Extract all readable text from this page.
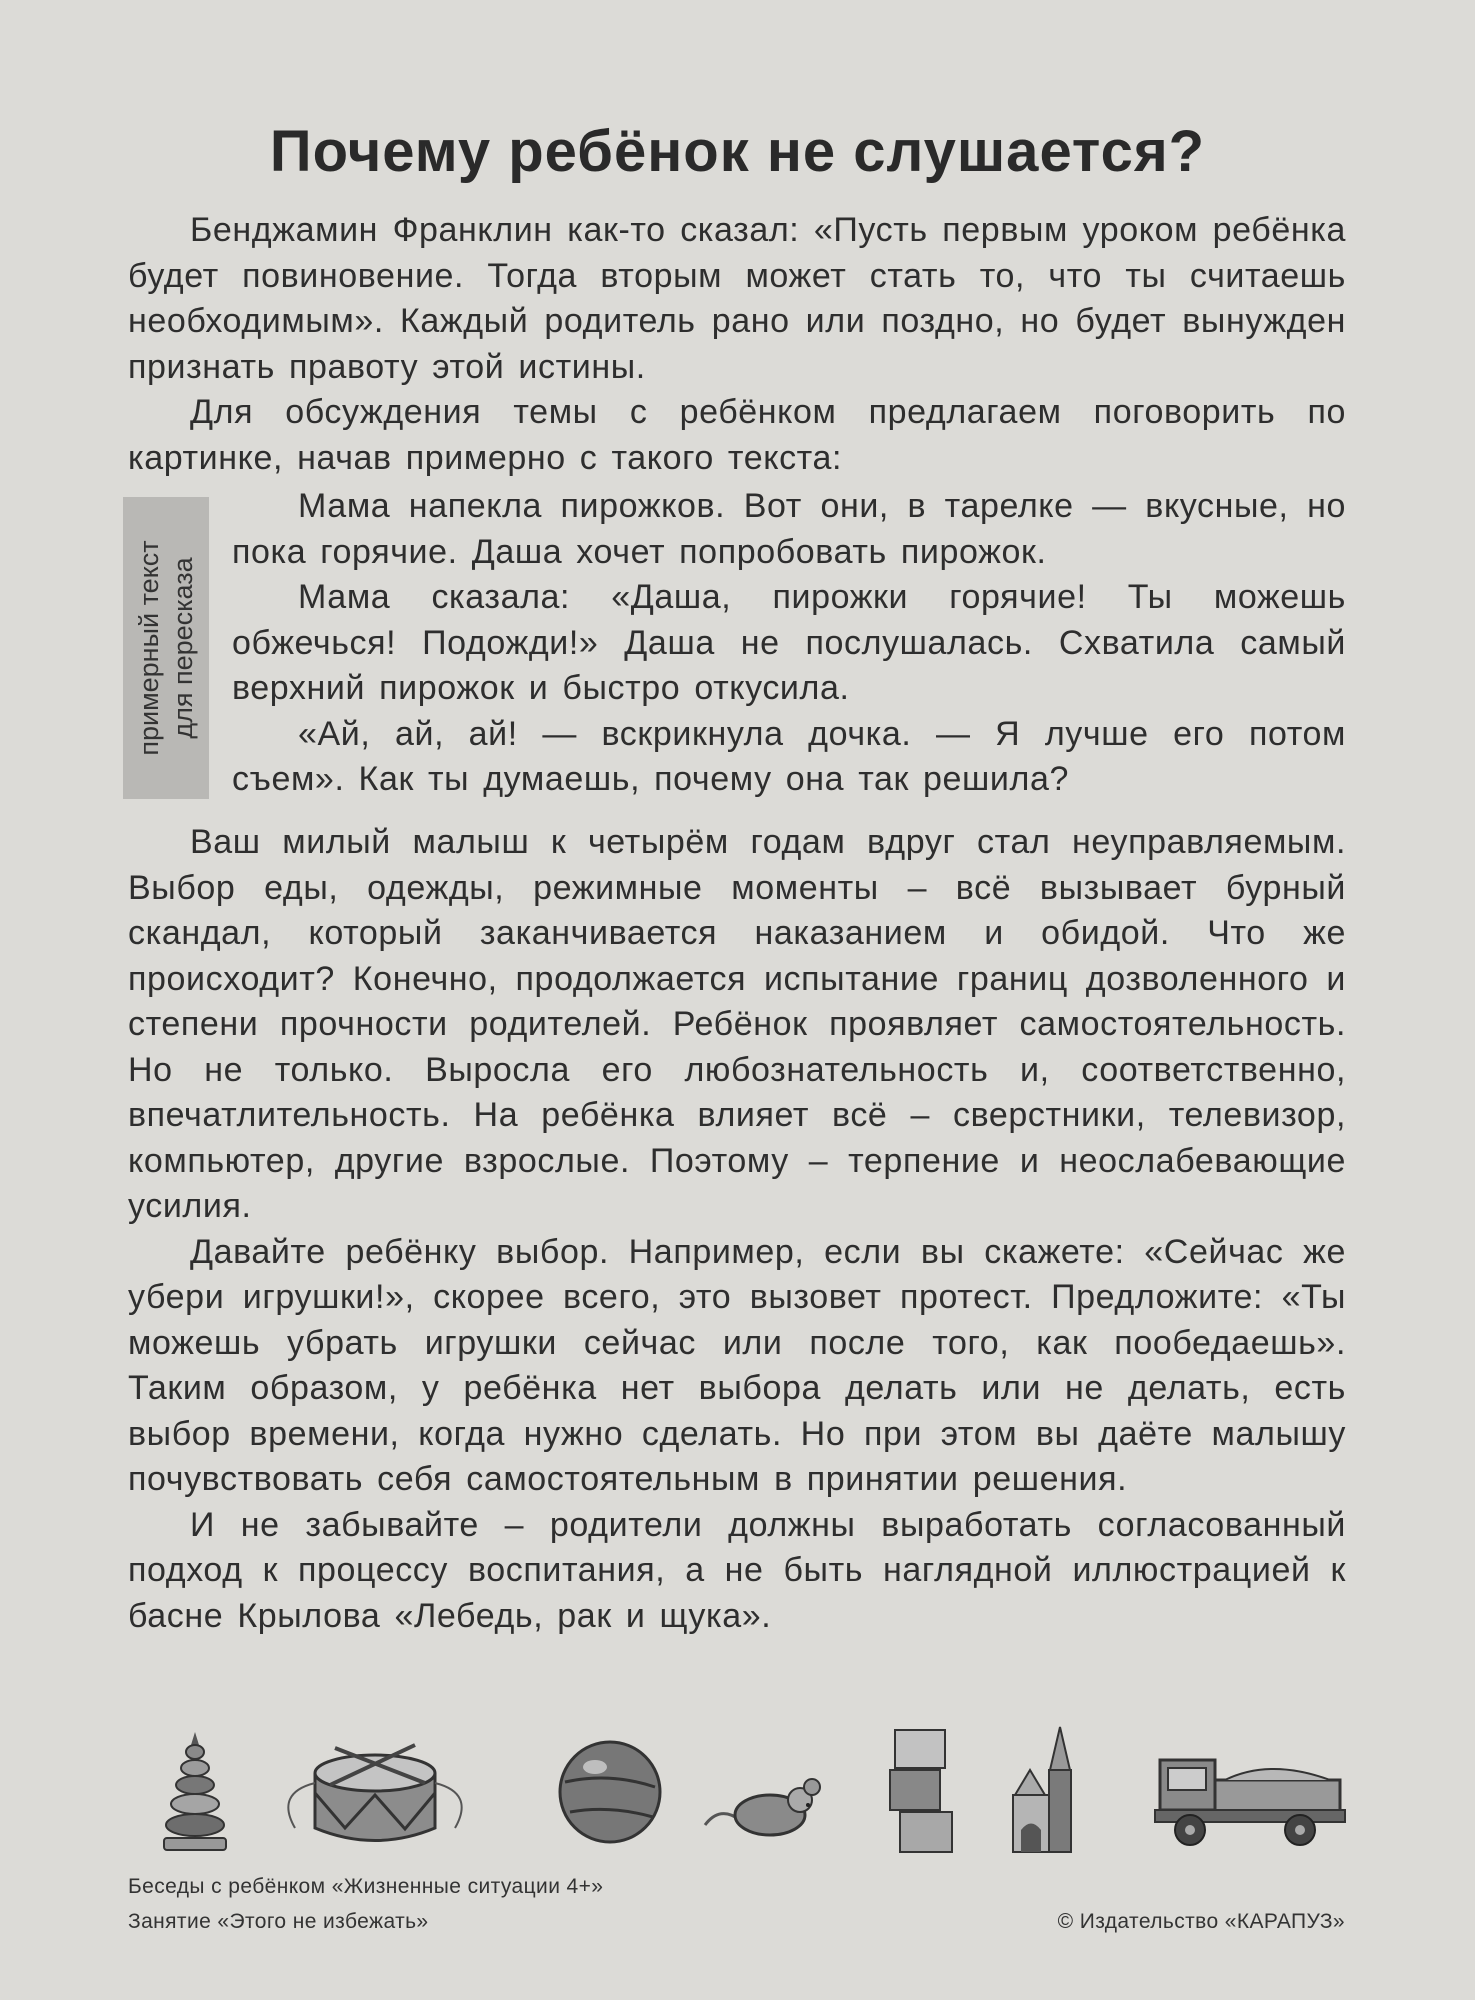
Почему ребёнок не слушается?

Бенджамин Франклин как-то сказал: «Пусть первым уроком ребёнка будет повиновение. Тогда вторым может стать то, что ты считаешь необходимым». Каждый родитель рано или поздно, но будет вынужден признать правоту этой истины.

Для обсуждения темы с ребёнком предлагаем поговорить по картинке, начав примерно с такого текста:

примерный текст для пересказа

Мама напекла пирожков. Вот они, в тарелке — вкусные, но пока горячие. Даша хочет попробовать пирожок.

Мама сказала: «Даша, пирожки горячие! Ты можешь обжечься! Подожди!» Даша не послушалась. Схватила самый верхний пирожок и быстро откусила.

«Ай, ай, ай! — вскрикнула дочка. — Я лучше его потом съем». Как ты думаешь, почему она так решила?

Ваш милый малыш к четырём годам вдруг стал неуправляемым. Выбор еды, одежды, режимные моменты – всё вызывает бурный скандал, который заканчивается наказанием и обидой. Что же происходит? Конечно, продолжается испытание границ дозволенного и степени прочности родителей. Ребёнок проявляет самостоятельность. Но не только. Выросла его любознательность и, соответственно, впечатлительность. На ребёнка влияет всё – сверстники, телевизор, компьютер, другие взрослые. Поэтому – терпение и неослабевающие усилия.

Давайте ребёнку выбор. Например, если вы скажете: «Сейчас же убери игрушки!», скорее всего, это вызовет протест. Предложите: «Ты можешь убрать игрушки сейчас или после того, как пообедаешь». Таким образом, у ребёнка нет выбора делать или не делать, есть выбор времени, когда нужно сделать. Но при этом вы даёте малышу почувствовать себя самостоятельным в принятии решения.

И не забывайте – родители должны выработать согласованный подход к процессу воспитания, а не быть наглядной иллюстрацией к басне Крылова «Лебедь, рак и щука».

Беседы с ребёнком «Жизненные ситуации 4+»
Занятие «Этого не избежать»	© Издательство «КАРАПУЗ»
